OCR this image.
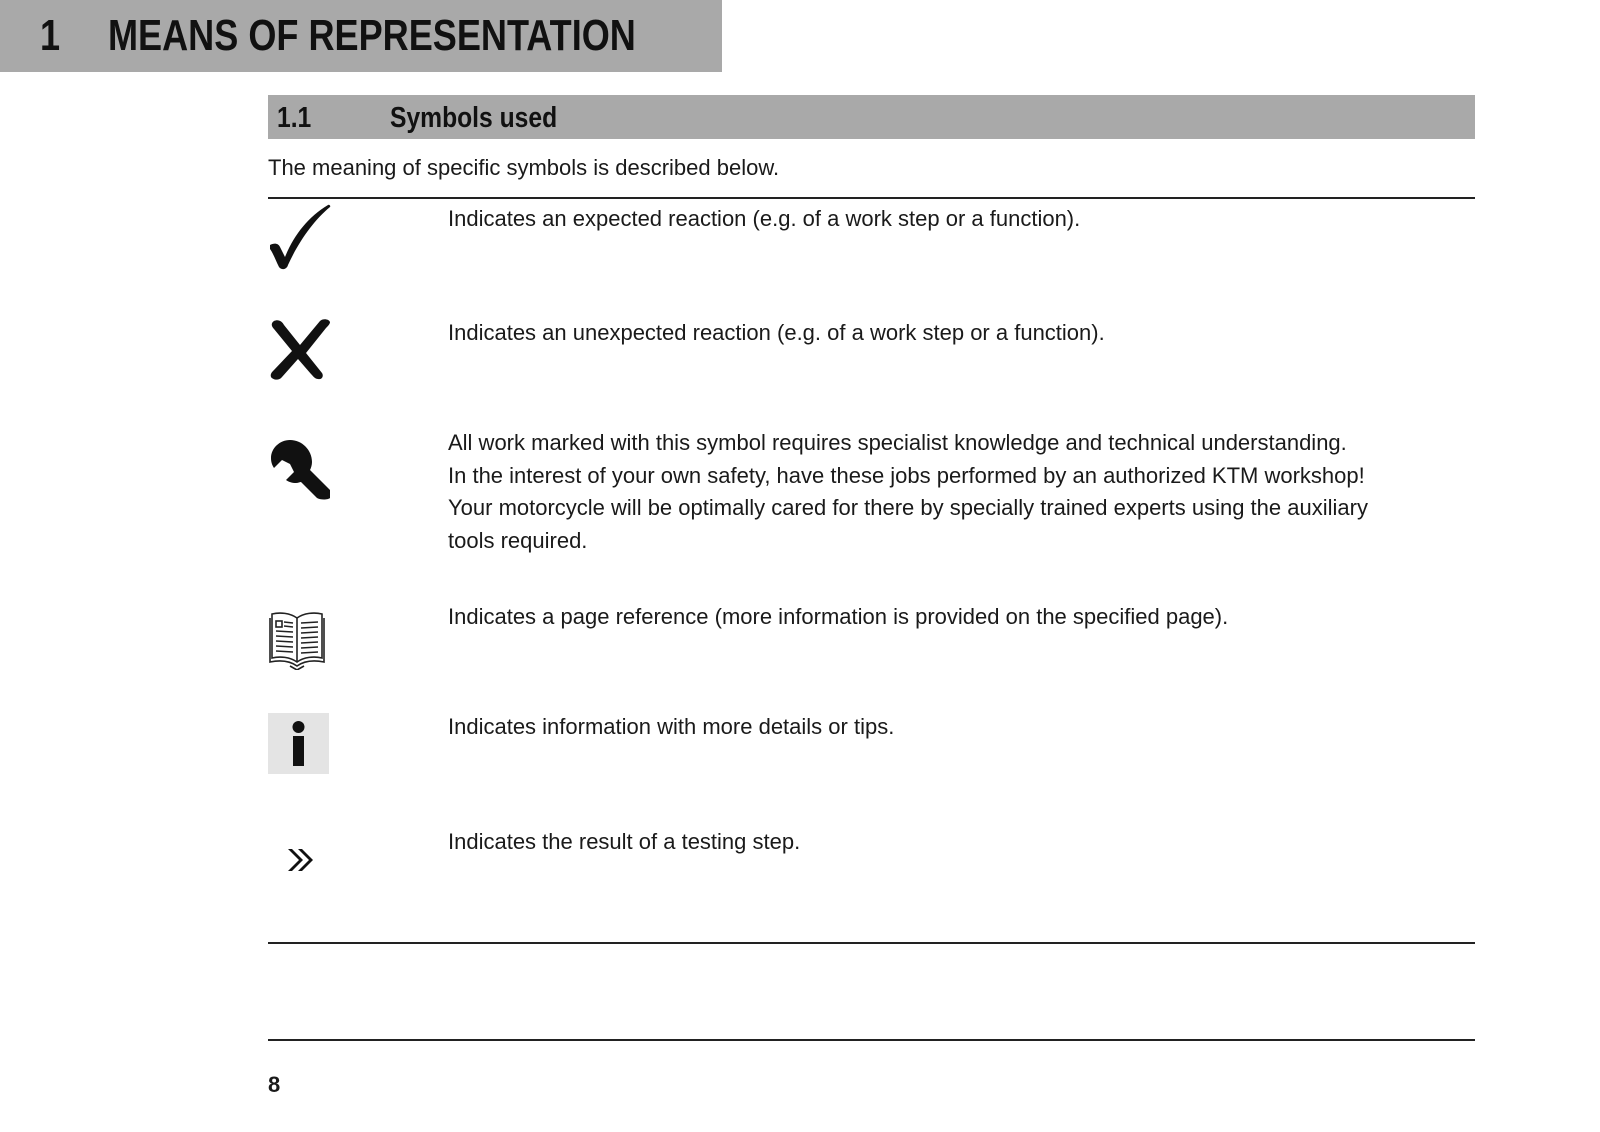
1 MEANS OF REPRESENTATION
1.1	Symbols used
The meaning of specific symbols is described below.

Indicates an expected reaction (e.g. of a work step or a function).

Indicates an unexpected reaction (e.g. of a work step or a function).

All work marked with this symbol requires specialist knowledge and technical understanding.

In the interest of your own safety, have these jobs performed by an authorized KTM workshop!

Your motorcycle will be optimally cared for there by specially trained experts using the auxiliary

tools required.

Indicates a page reference (more information is provided on the specified page).

Indicates information with more details or tips.

Indicates the result of a testing step.

8
